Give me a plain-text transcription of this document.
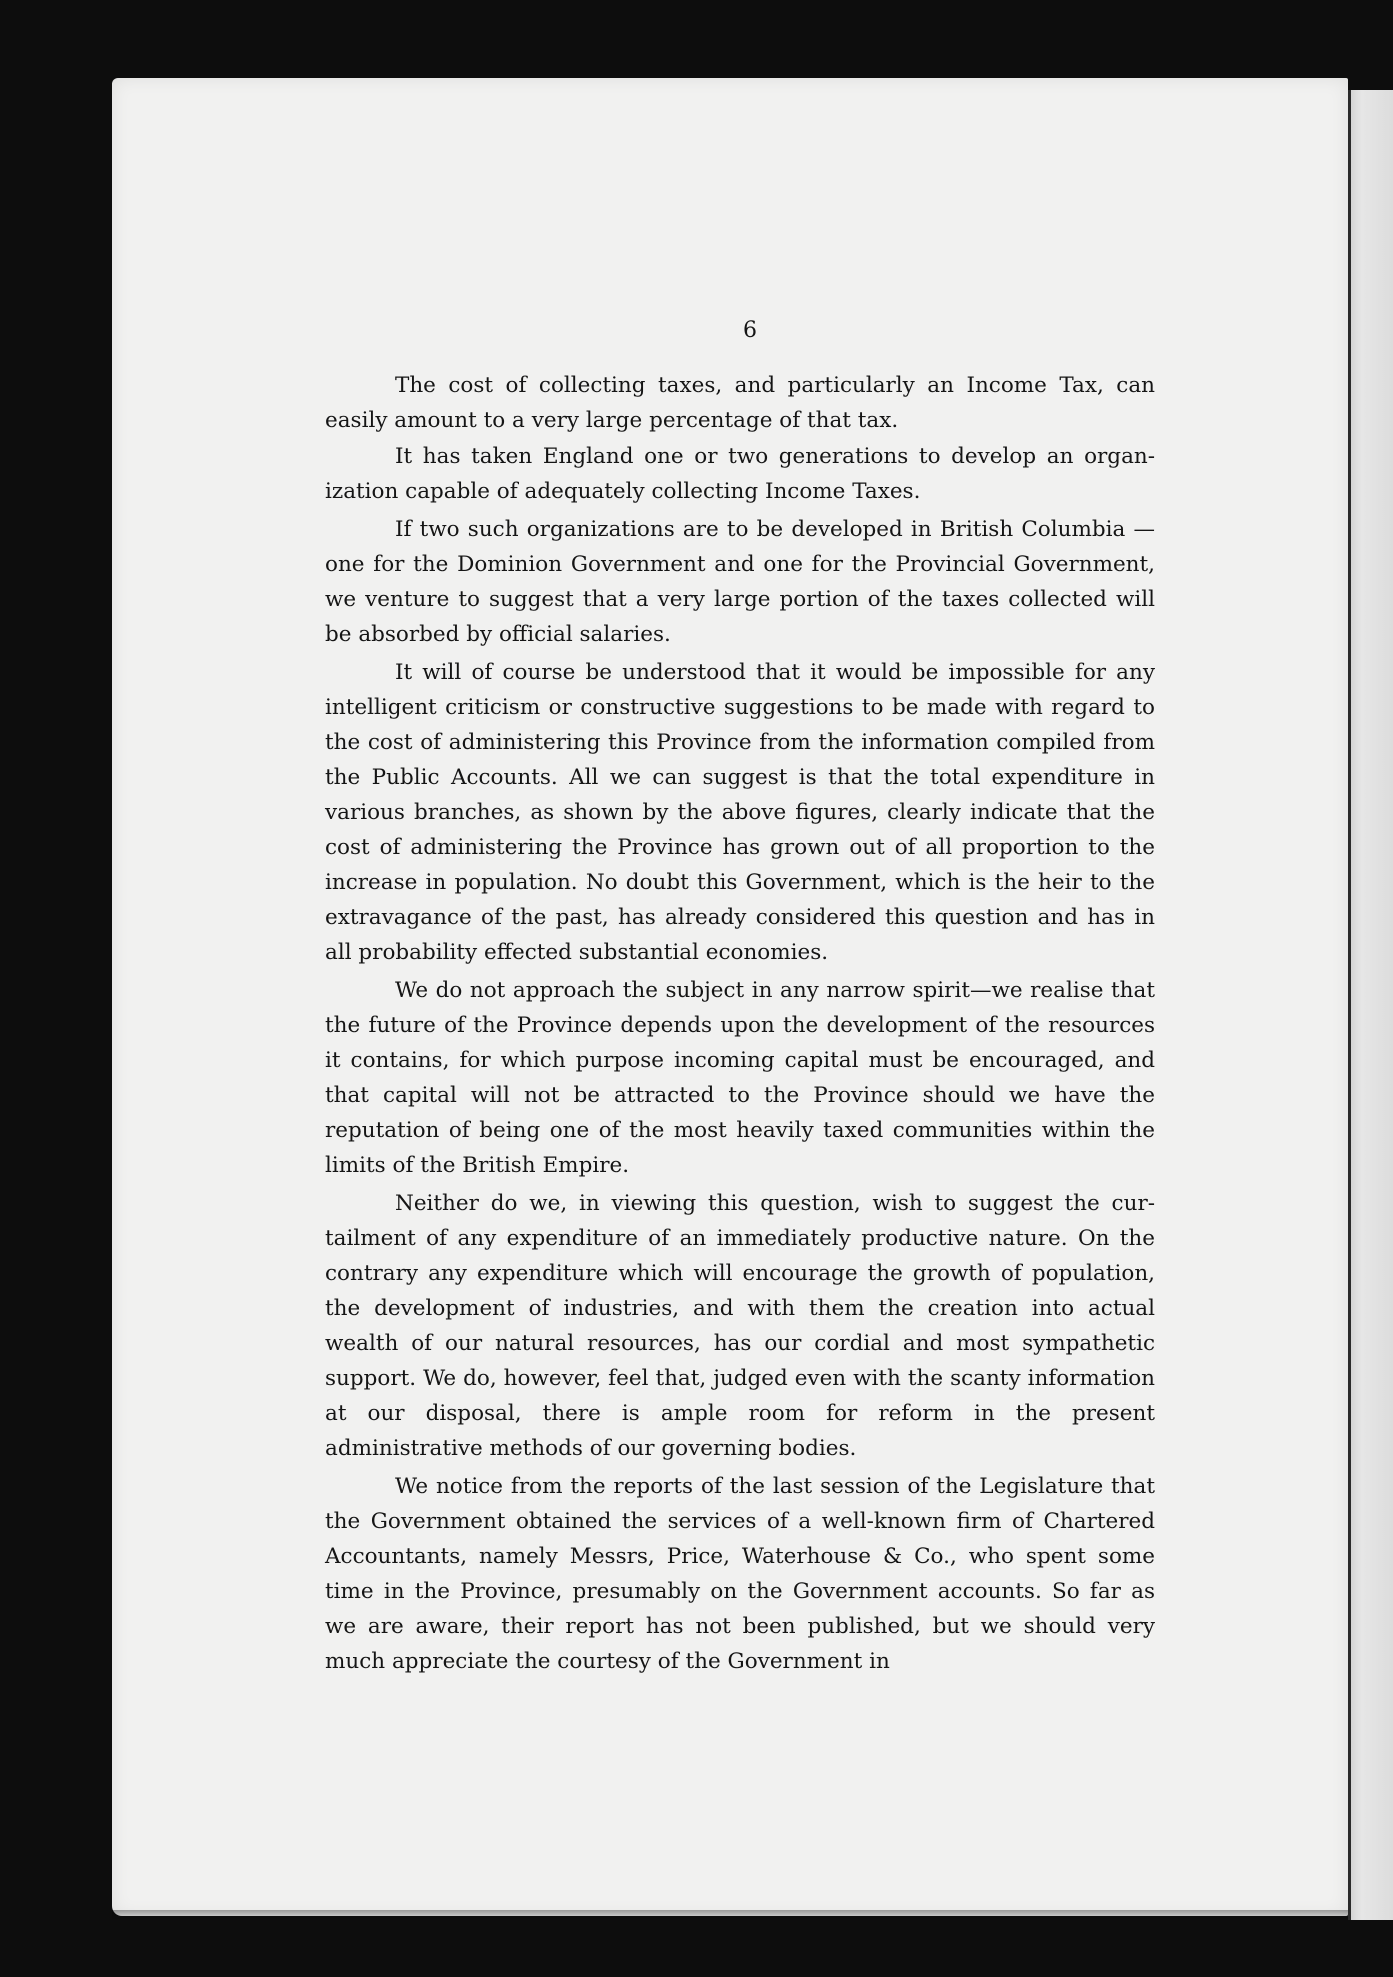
6

The cost of collecting taxes, and particularly an Income Tax, can easily amount to a very large percentage of that tax.

It has taken England one or two generations to develop an organization capable of adequately collecting Income Taxes.

If two such organizations are to be developed in British Columbia —one for the Dominion Government and one for the Provincial Government, we venture to suggest that a very large portion of the taxes collected will be absorbed by official salaries.

It will of course be understood that it would be impossible for any intelligent criticism or constructive suggestions to be made with regard to the cost of administering this Province from the information compiled from the Public Accounts. All we can suggest is that the total expenditure in various branches, as shown by the above figures, clearly indicate that the cost of administering the Province has grown out of all proportion to the increase in population. No doubt this Government, which is the heir to the extravagance of the past, has already considered this question and has in all probability effected substantial economies.

We do not approach the subject in any narrow spirit—we realise that the future of the Province depends upon the development of the resources it contains, for which purpose incoming capital must be encouraged, and that capital will not be attracted to the Province should we have the reputation of being one of the most heavily taxed communities within the limits of the British Empire.

Neither do we, in viewing this question, wish to suggest the curtailment of any expenditure of an immediately productive nature. On the contrary any expenditure which will encourage the growth of population, the development of industries, and with them the creation into actual wealth of our natural resources, has our cordial and most sympathetic support. We do, however, feel that, judged even with the scanty information at our disposal, there is ample room for reform in the present administrative methods of our governing bodies.

We notice from the reports of the last session of the Legislature that the Government obtained the services of a well-known firm of Chartered Accountants, namely Messrs, Price, Waterhouse & Co., who spent some time in the Province, presumably on the Government accounts. So far as we are aware, their report has not been published, but we should very much appreciate the courtesy of the Government in
